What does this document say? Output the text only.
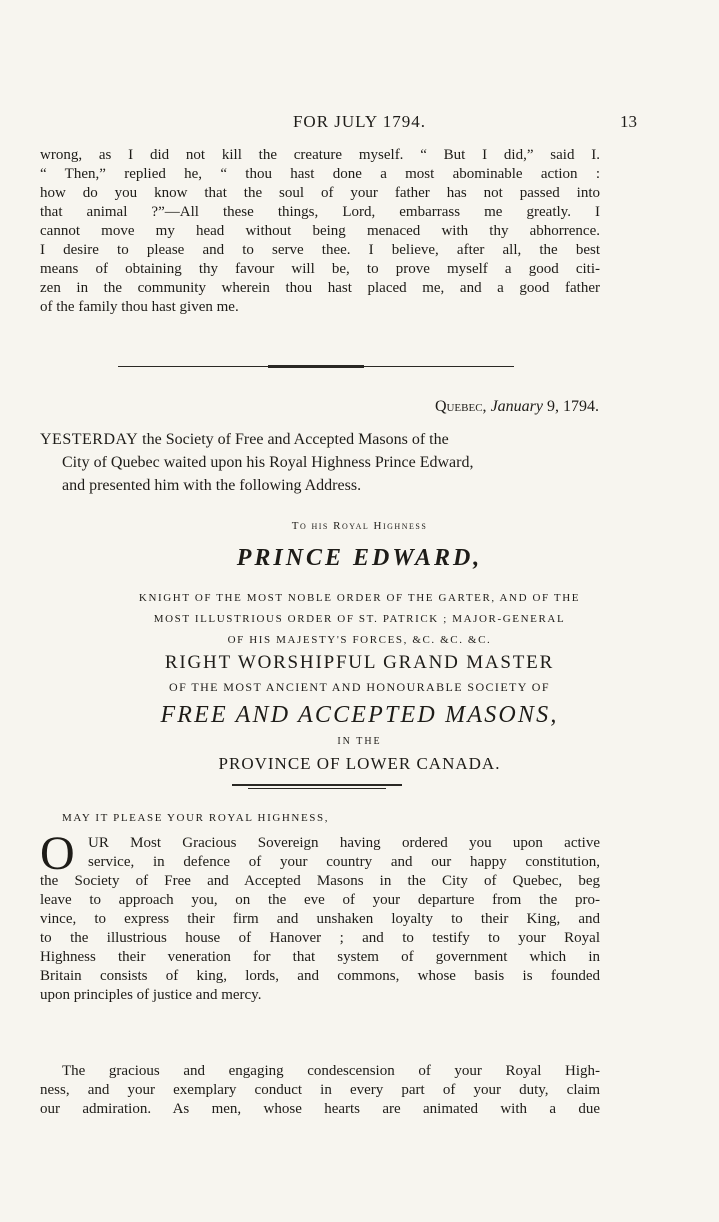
FOR JULY 1794.	13
wrong, as I did not kill the creature myself. “ But I did,” said I.
“ Then,” replied he, “ thou hast done a most abominable action :
how do you know that the soul of your father has not passed into
that animal ?”—All these things, Lord, embarrass me greatly. I
cannot move my head without being menaced with thy abhorrence.
I desire to please and to serve thee. I believe, after all, the best
means of obtaining thy favour will be, to prove myself a good citi-
zen in the community wherein thou hast placed me, and a good father
of the family thou hast given me.
Quebec, January 9, 1794.
YESTERDAY the Society of Free and Accepted Masons of the
City of Quebec waited upon his Royal Highness Prince Edward,
and presented him with the following Address.
To his Royal Highness
PRINCE EDWARD,
KNIGHT OF THE MOST NOBLE ORDER OF THE GARTER, AND OF THE
MOST ILLUSTRIOUS ORDER OF ST. PATRICK ; MAJOR-GENERAL
OF HIS MAJESTY'S FORCES, &C. &C. &C.
RIGHT WORSHIPFUL GRAND MASTER
OF THE MOST ANCIENT AND HONOURABLE SOCIETY OF
FREE AND ACCEPTED MASONS,
IN THE
PROVINCE OF LOWER CANADA.
MAY IT PLEASE YOUR ROYAL HIGHNESS,
O UR Most Gracious Sovereign having ordered you upon active
service, in defence of your country and our happy constitution,
the Society of Free and Accepted Masons in the City of Quebec, beg
leave to approach you, on the eve of your departure from the pro-
vince, to express their firm and unshaken loyalty to their King, and
to the illustrious house of Hanover ; and to testify to your Royal
Highness their veneration for that system of government which in
Britain consists of king, lords, and commons, whose basis is founded
upon principles of justice and mercy.
The gracious and engaging condescension of your Royal High-
ness, and your exemplary conduct in every part of your duty, claim
our admiration. As men, whose hearts are animated with a due
